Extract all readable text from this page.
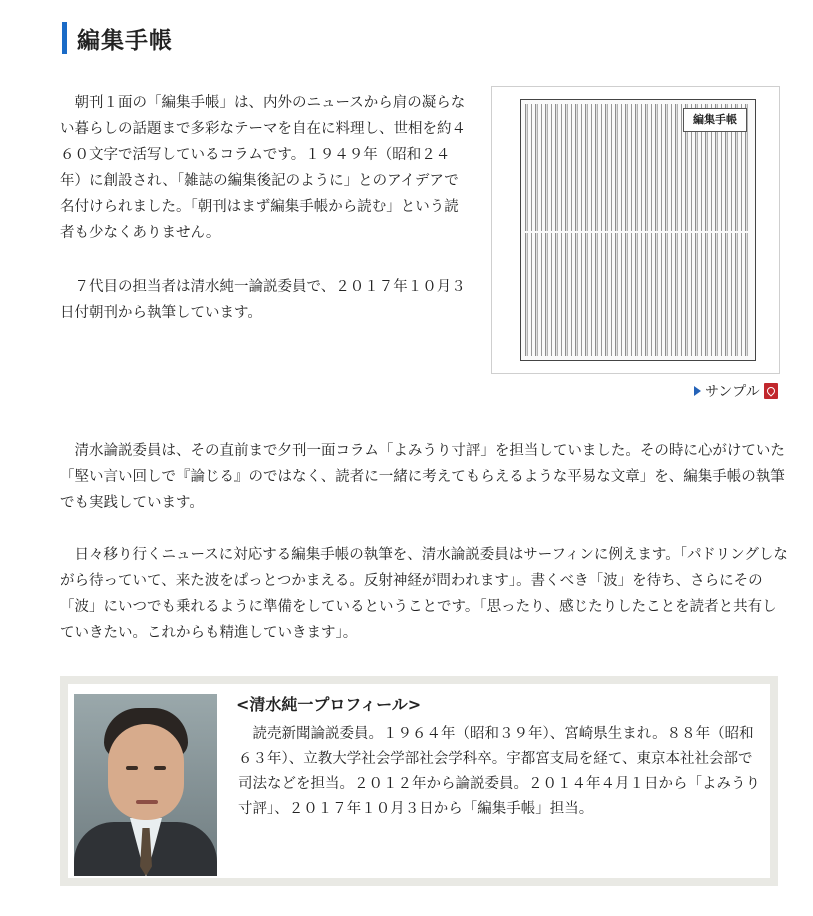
編集手帳

朝刊１面の「編集手帳」は、内外のニュースから肩の凝らない暮らしの話題まで多彩なテーマを自在に料理し、世相を約４６０文字で活写しているコラムです。１９４９年（昭和２４年）に創設され、「雑誌の編集後記のように」とのアイデアで名付けられました。「朝刊はまず編集手帳から読む」という読者も少なくありません。

７代目の担当者は清水純一論説委員で、２０１７年１０月３日付朝刊から執筆しています。

編集手帳
サンプル

清水論説委員は、その直前まで夕刊一面コラム「よみうり寸評」を担当していました。その時に心がけていた「堅い言い回しで『論じる』のではなく、読者に一緒に考えてもらえるような平易な文章」を、編集手帳の執筆でも実践しています。

日々移り行くニュースに対応する編集手帳の執筆を、清水論説委員はサーフィンに例えます。「パドリングしながら待っていて、来た波をぱっとつかまえる。反射神経が問われます」。書くべき「波」を待ち、さらにその「波」にいつでも乗れるように準備をしているということです。「思ったり、感じたりしたことを読者と共有していきたい。これからも精進していきます」。

<清水純一プロフィール>

読売新聞論説委員。１９６４年（昭和３９年）、宮崎県生まれ。８８年（昭和６３年）、立教大学社会学部社会学科卒。宇都宮支局を経て、東京本社社会部で司法などを担当。２０１２年から論説委員。２０１４年４月１日から「よみうり寸評」、２０１７年１０月３日から「編集手帳」担当。
